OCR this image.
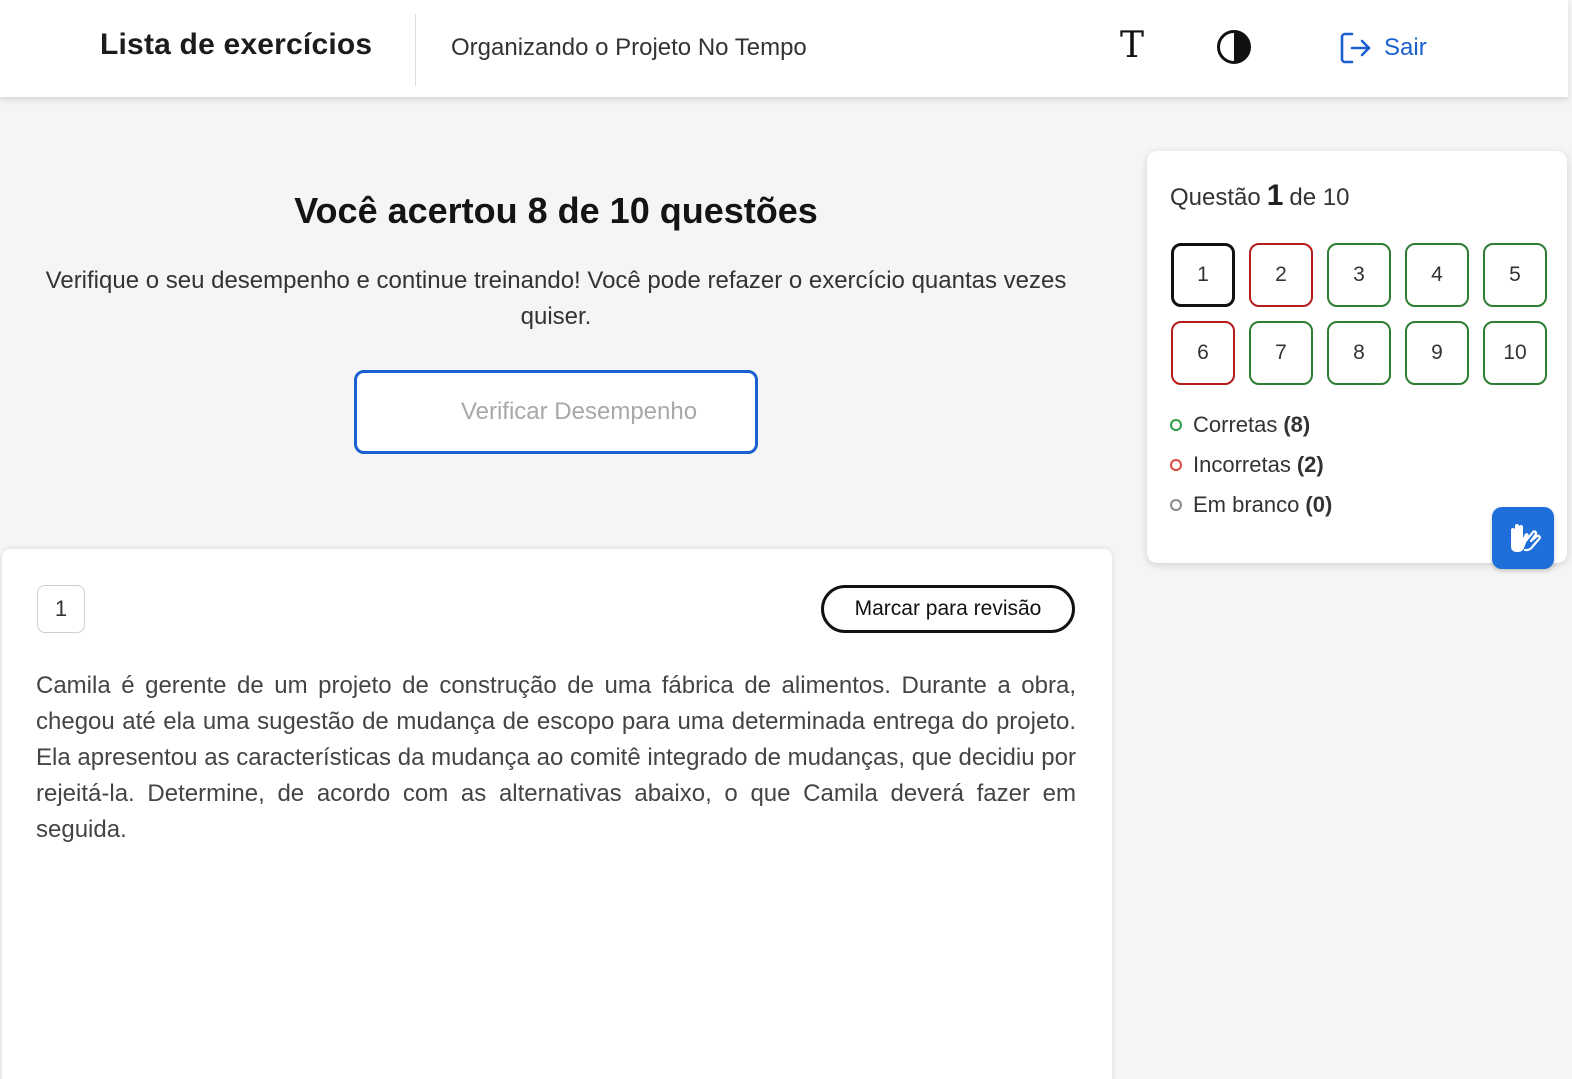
Lista de exercícios	Organizando o Projeto No Tempo	T	Sair
Você acertou 8 de 10 questões
Verifique o seu desempenho e continue treinando! Você pode refazer o exercício quantas vezes quiser.
Verificar Desempenho
1	Marcar para revisão
Camila é gerente de um projeto de construção de uma fábrica de alimentos. Durante a obra, chegou até ela uma sugestão de mudança de escopo para uma determinada entrega do projeto. Ela apresentou as características da mudança ao comitê integrado de mudanças, que decidiu por rejeitá-la. Determine, de acordo com as alternativas abaixo, o que Camila deverá fazer em seguida.
Questão 1 de 10
1	2	3	4	5
6	7	8	9	10
Corretas (8)
Incorretas (2)
Em branco (0)
